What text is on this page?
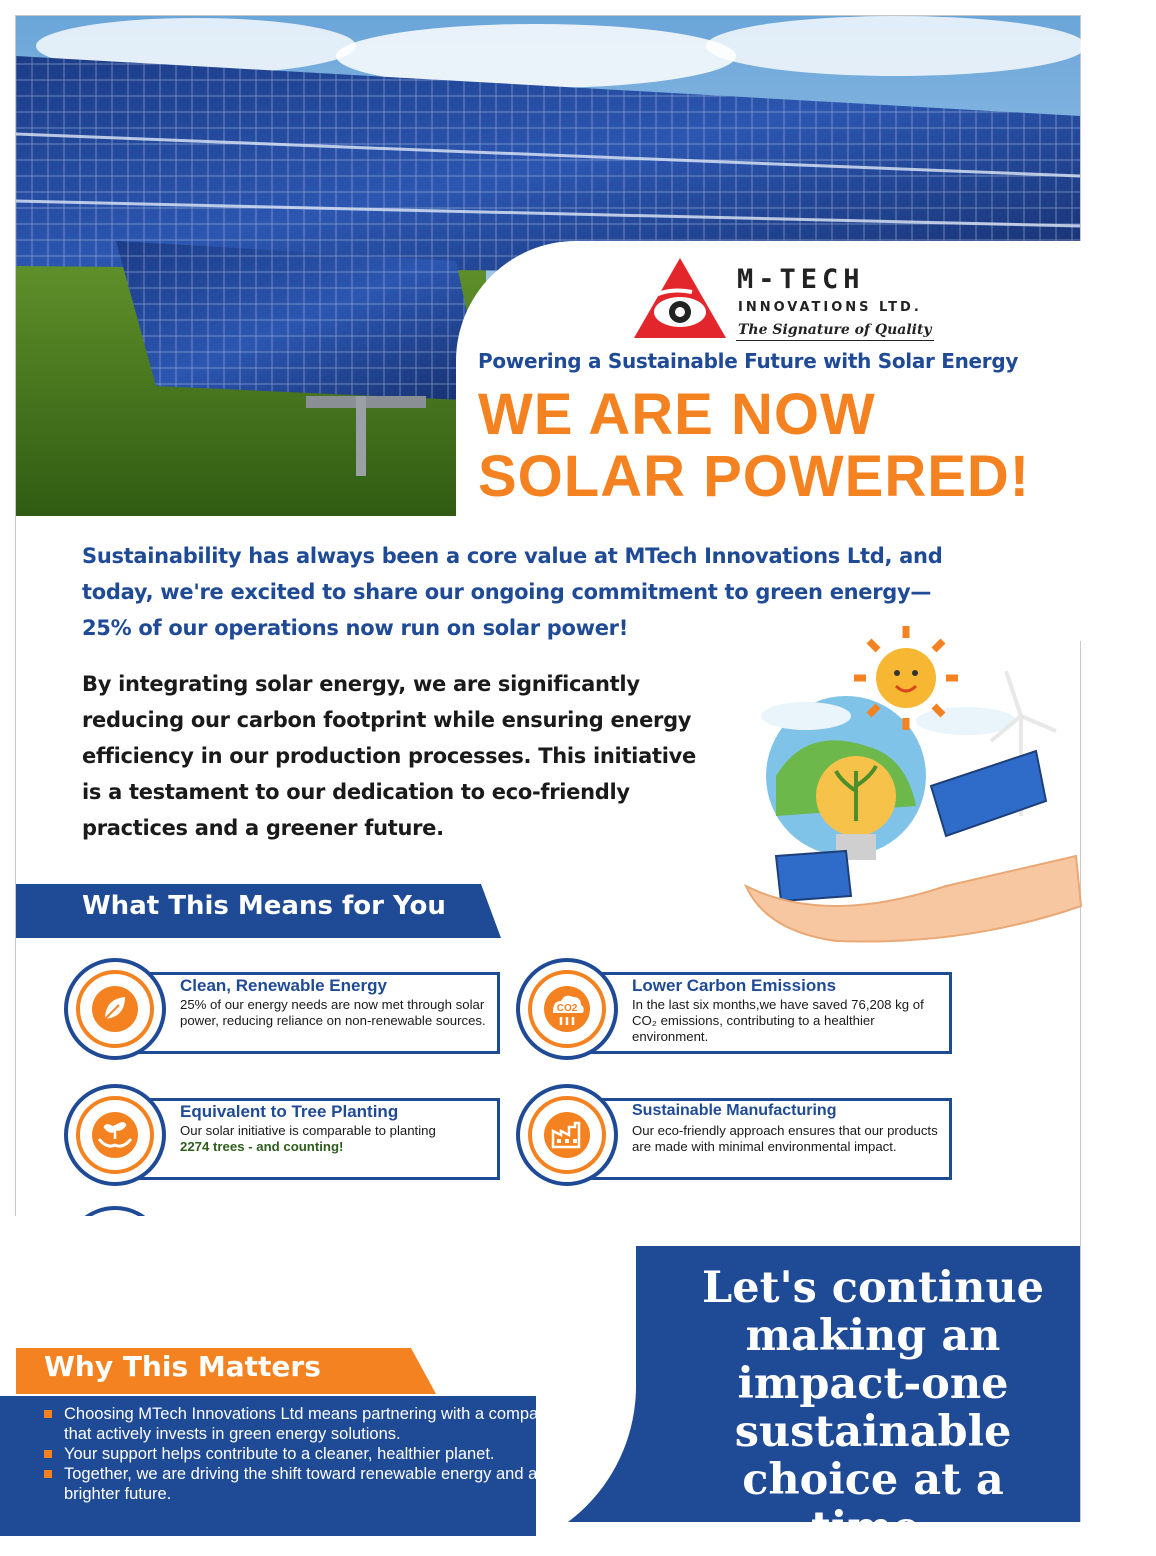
M-TECH
INNOVATIONS LTD.
The Signature of Quality
Powering a Sustainable Future with Solar Energy
WE ARE NOW
SOLAR POWERED!
Sustainability has always been a core value at MTech Innovations Ltd, and today, we're excited to share our ongoing commitment to green energy—25% of our operations now run on solar power!
By integrating solar energy, we are significantly reducing our carbon footprint while ensuring energy efficiency in our production processes. This initiative is a testament to our dedication to eco-friendly practices and a greener future.
What This Means for You
Clean, Renewable Energy
25% of our energy needs are now met through solar power, reducing reliance on non-renewable sources.
CO2
Lower Carbon Emissions
In the last six months,we have saved 76,208 kg of CO₂ emissions, contributing to a healthier environment.
Equivalent to Tree Planting
Our solar initiative is comparable to planting
2274 trees - and counting!
Sustainable Manufacturing
Our eco-friendly approach ensures that our products are made with minimal environmental impact.
Why This Matters
Choosing MTech Innovations Ltd means partnering with a company that actively invests in green energy solutions.
Your support helps contribute to a cleaner, healthier planet.
Together, we are driving the shift toward renewable energy and a brighter future.
Let's continue
making an
impact-one
sustainable
choice at a time.
